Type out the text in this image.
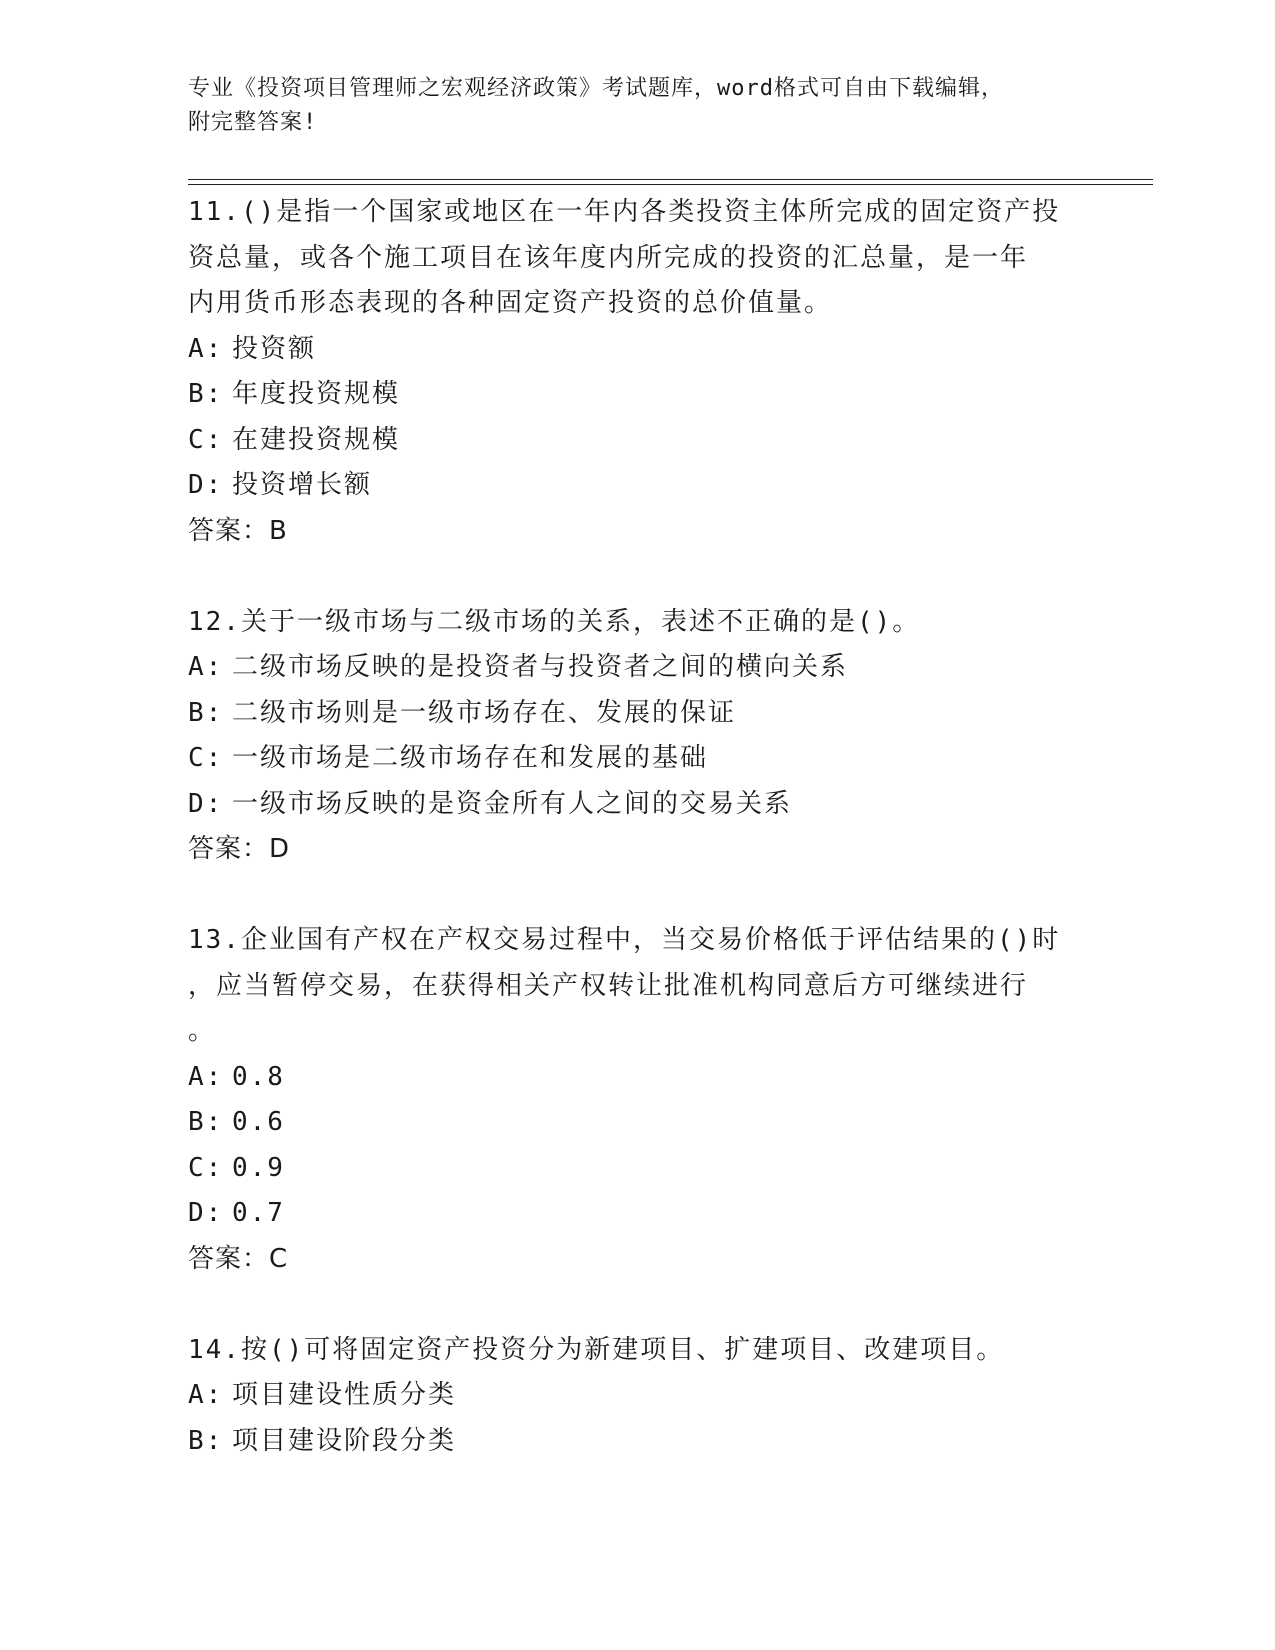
专业《投资项目管理师之宏观经济政策》考试题库，word格式可自由下载编辑，
附完整答案!
11.()是指一个国家或地区在一年内各类投资主体所完成的固定资产投
资总量，或各个施工项目在该年度内所完成的投资的汇总量，是一年
内用货币形态表现的各种固定资产投资的总价值量。
A: 投资额
B: 年度投资规模
C: 在建投资规模
D: 投资增长额
答案：B
12.关于一级市场与二级市场的关系，表述不正确的是()。
A: 二级市场反映的是投资者与投资者之间的横向关系
B: 二级市场则是一级市场存在、发展的保证
C: 一级市场是二级市场存在和发展的基础
D: 一级市场反映的是资金所有人之间的交易关系
答案：D
13.企业国有产权在产权交易过程中，当交易价格低于评估结果的()时
，应当暂停交易，在获得相关产权转让批准机构同意后方可继续进行
。
A: 0.8
B: 0.6
C: 0.9
D: 0.7
答案：C
14.按()可将固定资产投资分为新建项目、扩建项目、改建项目。
A: 项目建设性质分类
B: 项目建设阶段分类
